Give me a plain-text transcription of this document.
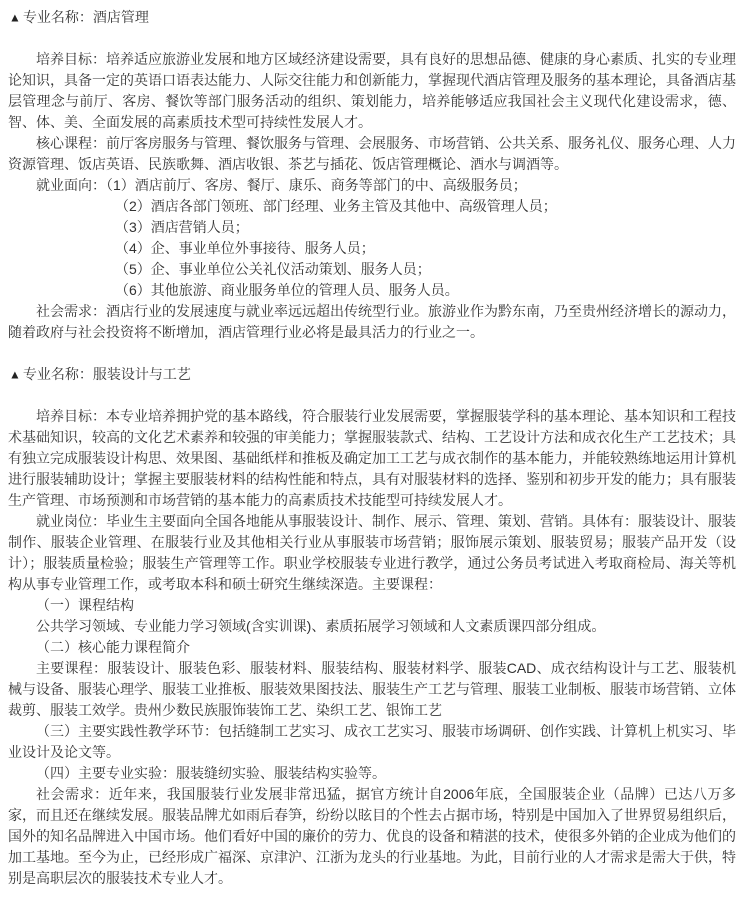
▲ 专业名称：酒店管理

培养目标：培养适应旅游业发展和地方区域经济建设需要，具有良好的思想品德、健康的身心素质、扎实的专业理论知识，具备一定的英语口语表达能力、人际交往能力和创新能力，掌握现代酒店管理及服务的基本理论，具备酒店基层管理念与前厅、客房、餐饮等部门服务活动的组织、策划能力，培养能够适应我国社会主义现代化建设需求，德、智、体、美、全面发展的高素质技术型可持续性发展人才。

核心课程：前厅客房服务与管理、餐饮服务与管理、会展服务、市场营销、公共关系、服务礼仪、服务心理、人力资源管理、饭店英语、民族歌舞、酒店收银、茶艺与插花、饭店管理概论、酒水与调酒等。

就业面向：（1）酒店前厅、客房、餐厅、康乐、商务等部门的中、高级服务员；

（2）酒店各部门领班、部门经理、业务主管及其他中、高级管理人员；
（3）酒店营销人员；
（4）企、事业单位外事接待、服务人员；
（5）企、事业单位公关礼仪活动策划、服务人员；
（6）其他旅游、商业服务单位的管理人员、服务人员。

社会需求：酒店行业的发展速度与就业率远远超出传统型行业。旅游业作为黔东南，乃至贵州经济增长的源动力，随着政府与社会投资将不断增加，酒店管理行业必将是最具活力的行业之一。

▲ 专业名称：服装设计与工艺

培养目标：本专业培养拥护党的基本路线，符合服装行业发展需要，掌握服装学科的基本理论、基本知识和工程技术基础知识，较高的文化艺术素养和较强的审美能力；掌握服装款式、结构、工艺设计方法和成衣化生产工艺技术；具有独立完成服装设计构思、效果图、基础纸样和推板及确定加工工艺与成衣制作的基本能力，并能较熟练地运用计算机进行服装辅助设计；掌握主要服装材料的结构性能和特点，具有对服装材料的选择、鉴别和初步开发的能力；具有服装生产管理、市场预测和市场营销的基本能力的高素质技术技能型可持续发展人才。

就业岗位：毕业生主要面向全国各地能从事服装设计、制作、展示、管理、策划、营销。具体有：服装设计、服装制作、服装企业管理、在服装行业及其他相关行业从事服装市场营销；服饰展示策划、服装贸易；服装产品开发（设计）；服装质量检验；服装生产管理等工作。职业学校服装专业进行教学，通过公务员考试进入考取商检局、海关等机构从事专业管理工作，或考取本科和硕士研究生继续深造。主要课程：

（一）课程结构

公共学习领域、专业能力学习领域(含实训课)、素质拓展学习领域和人文素质课四部分组成。

（二）核心能力课程简介

主要课程：服装设计、服装色彩、服装材料、服装结构、服装材料学、服装CAD、成衣结构设计与工艺、服装机械与设备、服装心理学、服装工业推板、服装效果图技法、服装生产工艺与管理、服装工业制板、服装市场营销、立体裁剪、服装工效学。贵州少数民族服饰装饰工艺、染织工艺、银饰工艺

（三）主要实践性教学环节：包括缝制工艺实习、成衣工艺实习、服装市场调研、创作实践、计算机上机实习、毕业设计及论文等。

（四）主要专业实验：服装缝纫实验、服装结构实验等。

社会需求：近年来，我国服装行业发展非常迅猛，据官方统计自2006年底，全国服装企业（品牌）已达八万多家，而且还在继续发展。服装品牌尤如雨后春笋，纷纷以眩目的个性去占据市场，特别是中国加入了世界贸易组织后，国外的知名品牌进入中国市场。他们看好中国的廉价的劳力、优良的设备和精湛的技术，使很多外销的企业成为他们的加工基地。至今为止，已经形成广福深、京津沪、江浙为龙头的行业基地。为此，目前行业的人才需求是需大于供，特别是高职层次的服装技术专业人才。
